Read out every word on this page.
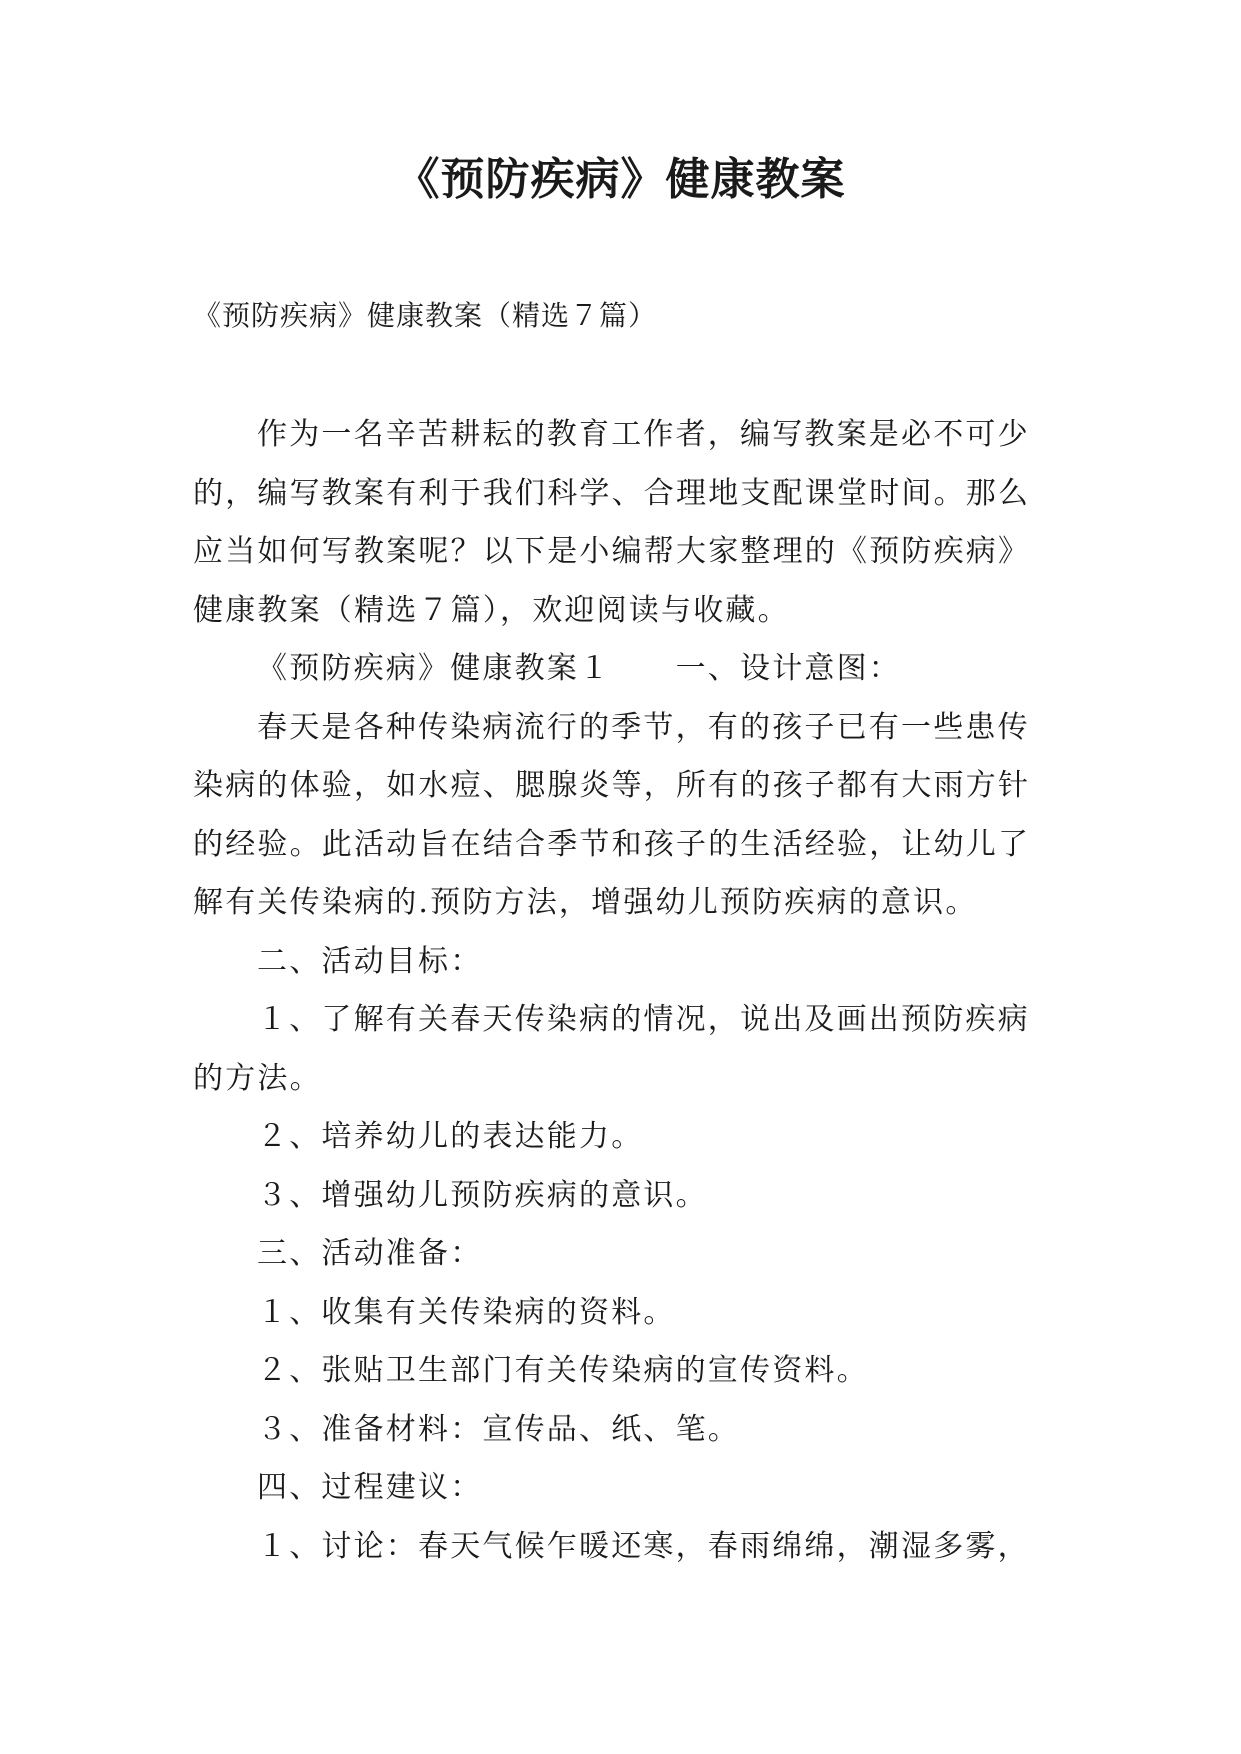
《预防疾病》健康教案

《预防疾病》健康教案（精选７篇）

作为一名辛苦耕耘的教育工作者，编写教案是必不可少

的，编写教案有利于我们科学、合理地支配课堂时间。那么

应当如何写教案呢？以下是小编帮大家整理的《预防疾病》

健康教案（精选７篇），欢迎阅读与收藏。

《预防疾病》健康教案１　　一、设计意图：

春天是各种传染病流行的季节，有的孩子已有一些患传

染病的体验，如水痘、腮腺炎等，所有的孩子都有大雨方针

的经验。此活动旨在结合季节和孩子的生活经验，让幼儿了

解有关传染病的.预防方法，增强幼儿预防疾病的意识。

二、活动目标：

１、了解有关春天传染病的情况，说出及画出预防疾病

的方法。

２、培养幼儿的表达能力。

３、增强幼儿预防疾病的意识。

三、活动准备：

１、收集有关传染病的资料。

２、张贴卫生部门有关传染病的宣传资料。

３、准备材料：宣传品、纸、笔。

四、过程建议：

１、讨论：春天气候乍暖还寒，春雨绵绵，潮湿多雾，
